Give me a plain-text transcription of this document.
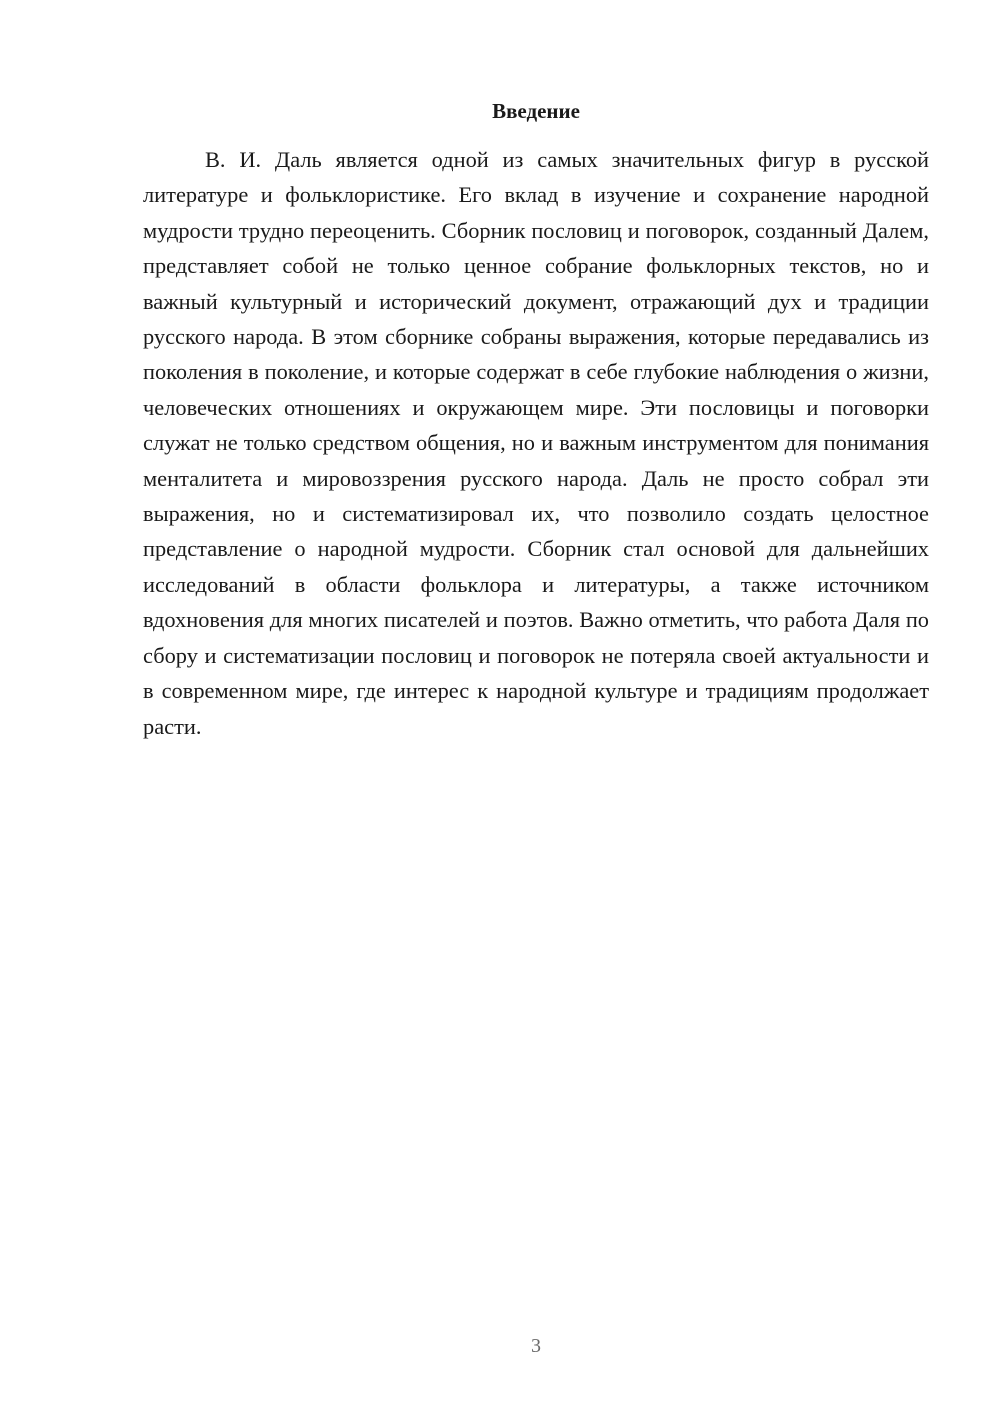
Введение

В. И. Даль является одной из самых значительных фигур в русской литературе и фольклористике. Его вклад в изучение и сохранение народной мудрости трудно переоценить. Сборник пословиц и поговорок, созданный Далем, представляет собой не только ценное собрание фольклорных текстов, но и важный культурный и исторический документ, отражающий дух и традиции русского народа. В этом сборнике собраны выражения, которые передавались из поколения в поколение, и которые содержат в себе глубокие наблюдения о жизни, человеческих отношениях и окружающем мире. Эти пословицы и поговорки служат не только средством общения, но и важным инструментом для понимания менталитета и мировоззрения русского народа. Даль не просто собрал эти выражения, но и систематизировал их, что позволило создать целостное представление о народной мудрости. Сборник стал основой для дальнейших исследований в области фольклора и литературы, а также источником вдохновения для многих писателей и поэтов. Важно отметить, что работа Даля по сбору и систематизации пословиц и поговорок не потеряла своей актуальности и в современном мире, где интерес к народной культуре и традициям продолжает расти.

3
